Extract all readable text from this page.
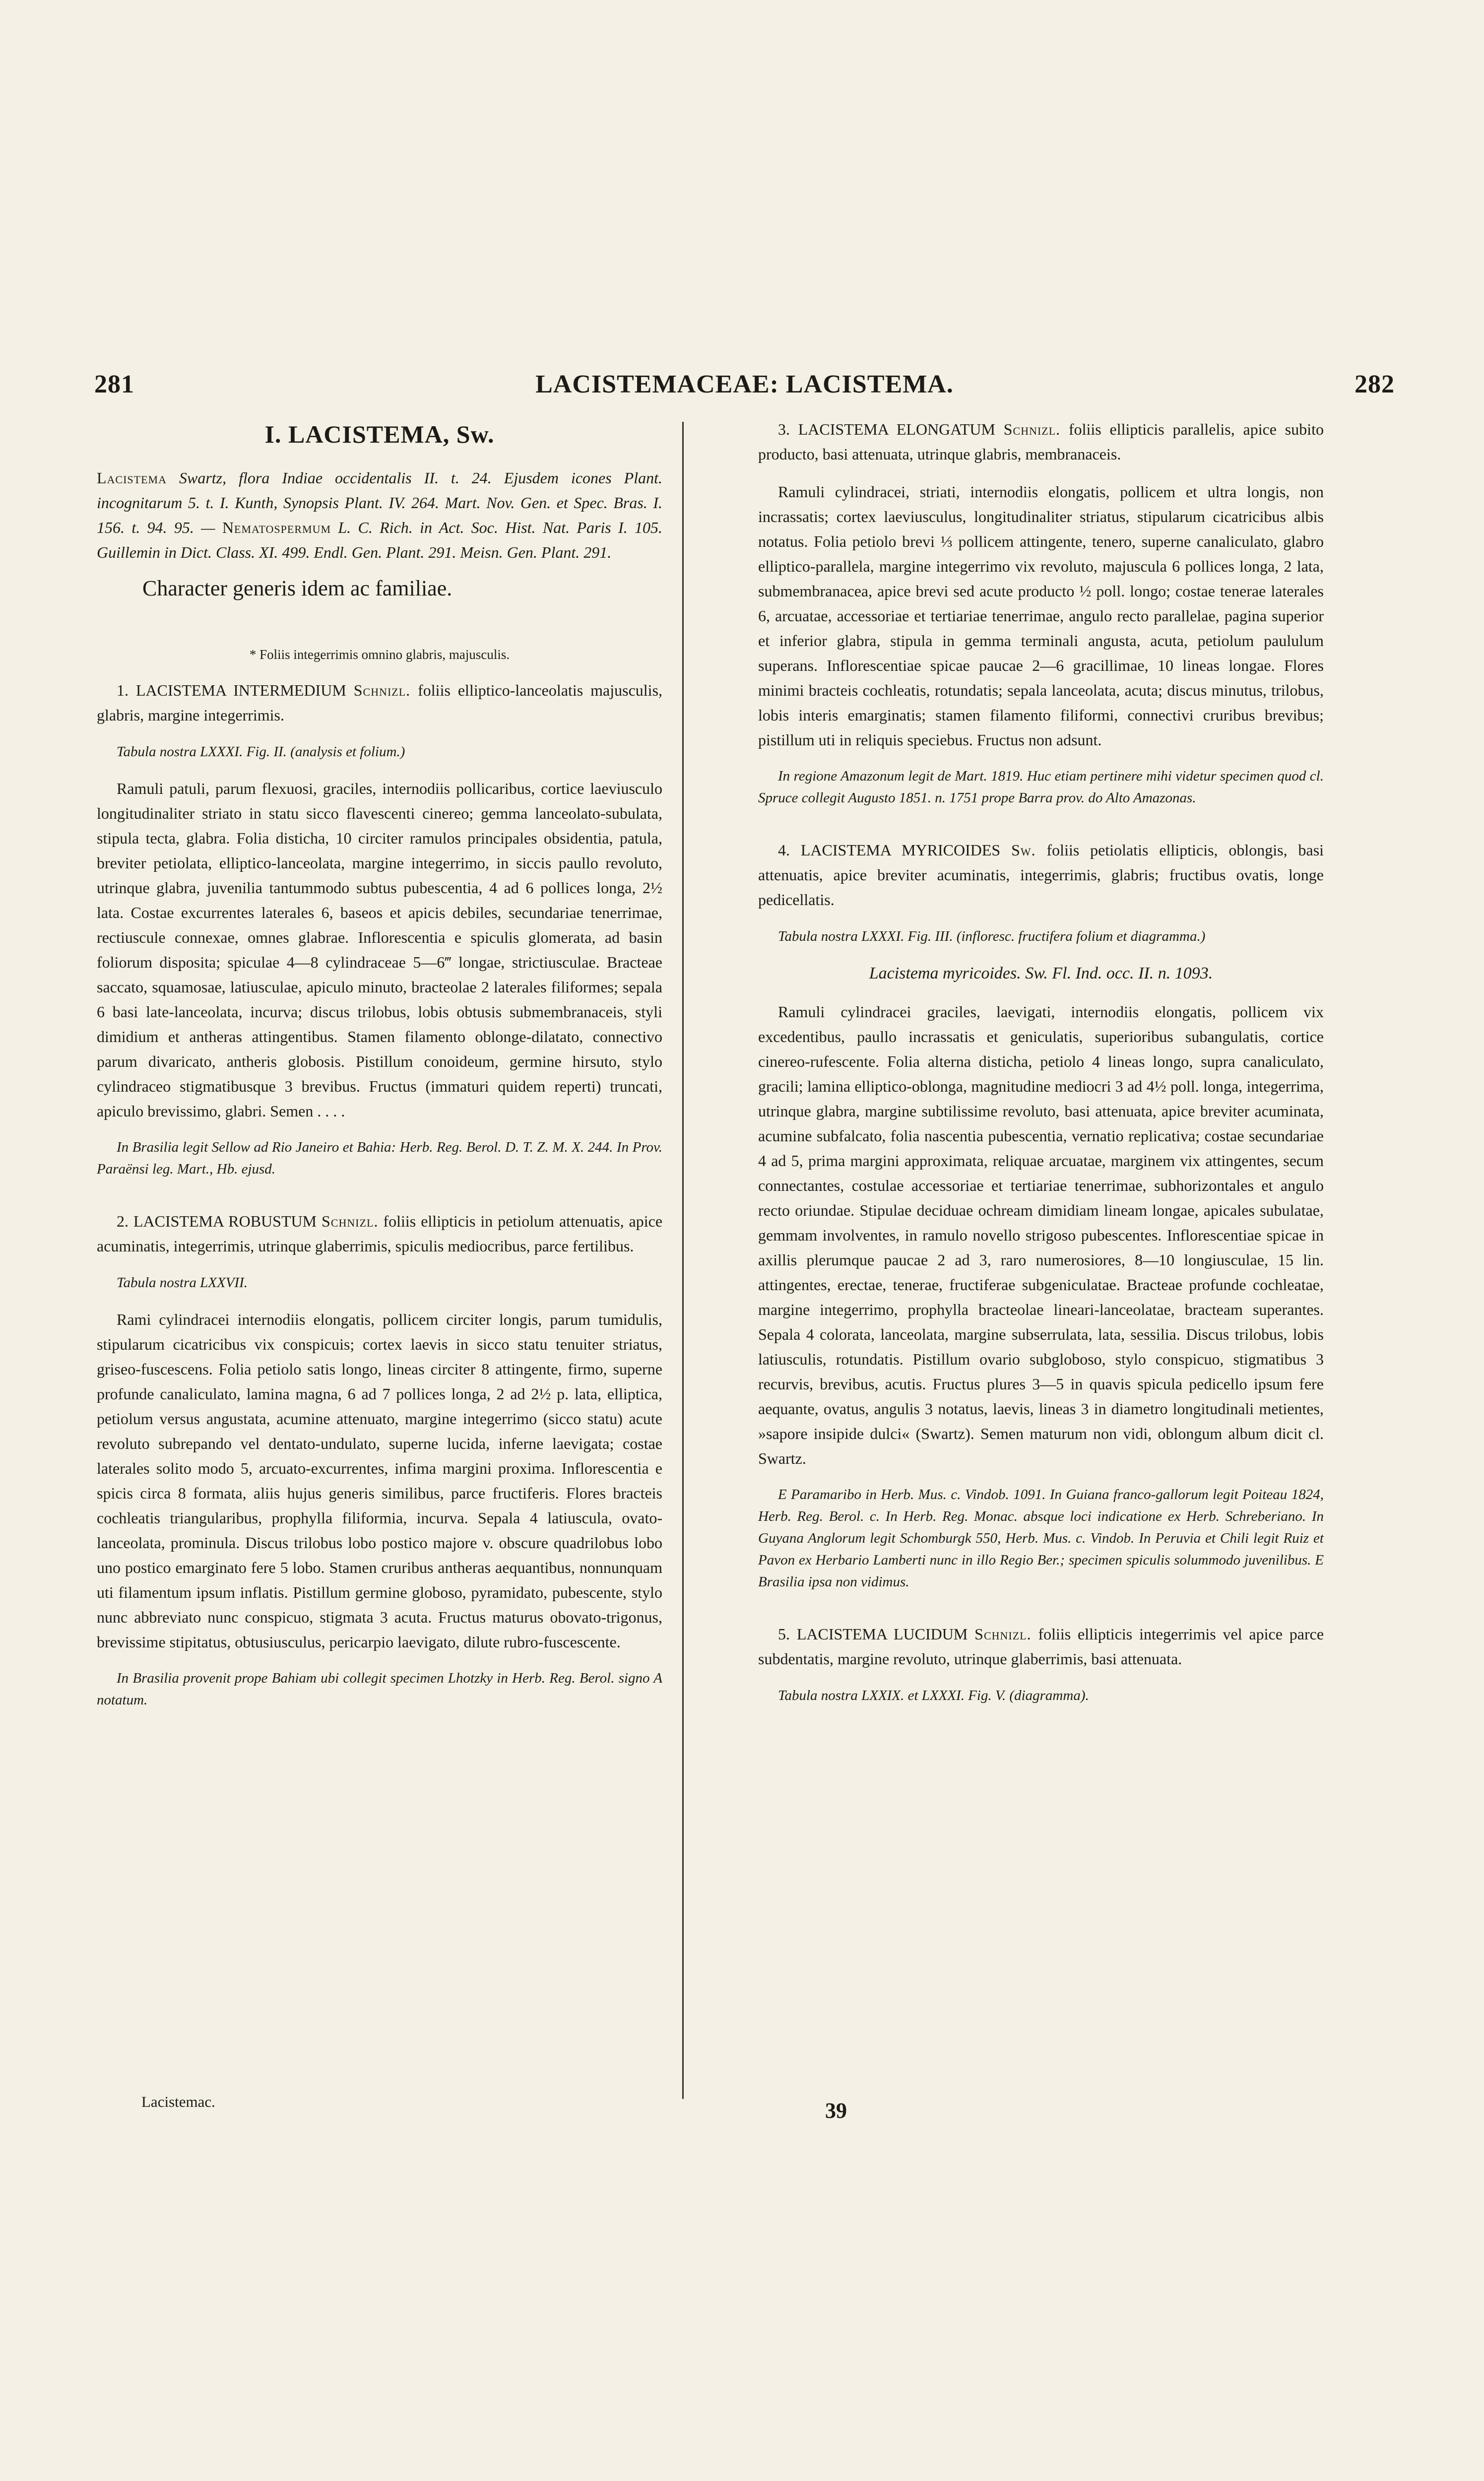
281	LACISTEMACEAE: LACISTEMA.	282
I. LACISTEMA, Sw.

Lacistema Swartz, flora Indiae occidentalis II. t. 24. Ejusdem icones Plant. incognitarum 5. t. I. Kunth, Synopsis Plant. IV. 264. Mart. Nov. Gen. et Spec. Bras. I. 156. t. 94. 95. — Nematospermum L. C. Rich. in Act. Soc. Hist. Nat. Paris I. 105. Guillemin in Dict. Class. XI. 499. Endl. Gen. Plant. 291. Meisn. Gen. Plant. 291.

Character generis idem ac familiae.

* Foliis integerrimis omnino glabris, majusculis.

1. LACISTEMA INTERMEDIUM Schnizl. foliis elliptico-lanceolatis majusculis, glabris, margine integerrimis.

Tabula nostra LXXXI. Fig. II. (analysis et folium.)

Ramuli patuli, parum flexuosi, graciles, internodiis pollicaribus, cortice laeviusculo longitudinaliter striato in statu sicco flavescenti cinereo; gemma lanceolato-subulata, stipula tecta, glabra. Folia disticha, 10 circiter ramulos principales obsidentia, patula, breviter petiolata, elliptico-lanceolata, margine integerrimo, in siccis paullo revoluto, utrinque glabra, juvenilia tantummodo subtus pubescentia, 4 ad 6 pollices longa, 2½ lata. Costae excurrentes laterales 6, baseos et apicis debiles, secundariae tenerrimae, rectiuscule connexae, omnes glabrae. Inflorescentia e spiculis glomerata, ad basin foliorum disposita; spiculae 4—8 cylindraceae 5—6‴ longae, strictiusculae. Bracteae saccato, squamosae, latiusculae, apiculo minuto, bracteolae 2 laterales filiformes; sepala 6 basi late-lanceolata, incurva; discus trilobus, lobis obtusis submembranaceis, styli dimidium et antheras attingentibus. Stamen filamento oblonge-dilatato, connectivo parum divaricato, antheris globosis. Pistillum conoideum, germine hirsuto, stylo cylindraceo stigmatibusque 3 brevibus. Fructus (immaturi quidem reperti) truncati, apiculo brevissimo, glabri. Semen . . . .

In Brasilia legit Sellow ad Rio Janeiro et Bahia: Herb. Reg. Berol. D. T. Z. M. X. 244. In Prov. Paraënsi leg. Mart., Hb. ejusd.

2. LACISTEMA ROBUSTUM Schnizl. foliis ellipticis in petiolum attenuatis, apice acuminatis, integerrimis, utrinque glaberrimis, spiculis mediocribus, parce fertilibus.

Tabula nostra LXXVII.

Rami cylindracei internodiis elongatis, pollicem circiter longis, parum tumidulis, stipularum cicatricibus vix conspicuis; cortex laevis in sicco statu tenuiter striatus, griseo-fuscescens. Folia petiolo satis longo, lineas circiter 8 attingente, firmo, superne profunde canaliculato, lamina magna, 6 ad 7 pollices longa, 2 ad 2½ p. lata, elliptica, petiolum versus angustata, acumine attenuato, margine integerrimo (sicco statu) acute revoluto subrepando vel dentato-undulato, superne lucida, inferne laevigata; costae laterales solito modo 5, arcuato-excurrentes, infima margini proxima. Inflorescentia e spicis circa 8 formata, aliis hujus generis similibus, parce fructiferis. Flores bracteis cochleatis triangularibus, prophylla filiformia, incurva. Sepala 4 latiuscula, ovato-lanceolata, prominula. Discus trilobus lobo postico majore v. obscure quadrilobus lobo uno postico emarginato fere 5 lobo. Stamen cruribus antheras aequantibus, nonnunquam uti filamentum ipsum inflatis. Pistillum germine globoso, pyramidato, pubescente, stylo nunc abbreviato nunc conspicuo, stigmata 3 acuta. Fructus maturus obovato-trigonus, brevissime stipitatus, obtusiusculus, pericarpio laevigato, dilute rubro-fuscescente.

In Brasilia provenit prope Bahiam ubi collegit specimen Lhotzky in Herb. Reg. Berol. signo A notatum.

Lacistemac.	39

3. LACISTEMA ELONGATUM Schnizl. foliis ellipticis parallelis, apice subito producto, basi attenuata, utrinque glabris, membranaceis.

Ramuli cylindracei, striati, internodiis elongatis, pollicem et ultra longis, non incrassatis; cortex laeviusculus, longitudinaliter striatus, stipularum cicatricibus albis notatus. Folia petiolo brevi ⅓ pollicem attingente, tenero, superne canaliculato, glabro elliptico-parallela, margine integerrimo vix revoluto, majuscula 6 pollices longa, 2 lata, submembranacea, apice brevi sed acute producto ½ poll. longo; costae tenerae laterales 6, arcuatae, accessoriae et tertiariae tenerrimae, angulo recto parallelae, pagina superior et inferior glabra, stipula in gemma terminali angusta, acuta, petiolum paululum superans. Inflorescentiae spicae paucae 2—6 gracillimae, 10 lineas longae. Flores minimi bracteis cochleatis, rotundatis; sepala lanceolata, acuta; discus minutus, trilobus, lobis interis emarginatis; stamen filamento filiformi, connectivi cruribus brevibus; pistillum uti in reliquis speciebus. Fructus non adsunt.

In regione Amazonum legit de Mart. 1819. Huc etiam pertinere mihi videtur specimen quod cl. Spruce collegit Augusto 1851. n. 1751 prope Barra prov. do Alto Amazonas.

4. LACISTEMA MYRICOIDES Sw. foliis petiolatis ellipticis, oblongis, basi attenuatis, apice breviter acuminatis, integerrimis, glabris; fructibus ovatis, longe pedicellatis.

Tabula nostra LXXXI. Fig. III. (infloresc. fructifera folium et diagramma.)

Lacistema myricoides. Sw. Fl. Ind. occ. II. n. 1093.

Ramuli cylindracei graciles, laevigati, internodiis elongatis, pollicem vix excedentibus, paullo incrassatis et geniculatis, superioribus subangulatis, cortice cinereo-rufescente. Folia alterna disticha, petiolo 4 lineas longo, supra canaliculato, gracili; lamina elliptico-oblonga, magnitudine mediocri 3 ad 4½ poll. longa, integerrima, utrinque glabra, margine subtilissime revoluto, basi attenuata, apice breviter acuminata, acumine subfalcato, folia nascentia pubescentia, vernatio replicativa; costae secundariae 4 ad 5, prima margini approximata, reliquae arcuatae, marginem vix attingentes, secum connectantes, costulae accessoriae et tertiariae tenerrimae, subhorizontales et angulo recto oriundae. Stipulae deciduae ochream dimidiam lineam longae, apicales subulatae, gemmam involventes, in ramulo novello strigoso pubescentes. Inflorescentiae spicae in axillis plerumque paucae 2 ad 3, raro numerosiores, 8—10 longiusculae, 15 lin. attingentes, erectae, tenerae, fructiferae subgeniculatae. Bracteae profunde cochleatae, margine integerrimo, prophylla bracteolae lineari-lanceolatae, bracteam superantes. Sepala 4 colorata, lanceolata, margine subserrulata, lata, sessilia. Discus trilobus, lobis latiusculis, rotundatis. Pistillum ovario subgloboso, stylo conspicuo, stigmatibus 3 recurvis, brevibus, acutis. Fructus plures 3—5 in quavis spicula pedicello ipsum fere aequante, ovatus, angulis 3 notatus, laevis, lineas 3 in diametro longitudinali metientes, »sapore insipide dulci« (Swartz). Semen maturum non vidi, oblongum album dicit cl. Swartz.

E Paramaribo in Herb. Mus. c. Vindob. 1091. In Guiana franco-gallorum legit Poiteau 1824, Herb. Reg. Berol. c. In Herb. Reg. Monac. absque loci indicatione ex Herb. Schreberiano. In Guyana Anglorum legit Schomburgk 550, Herb. Mus. c. Vindob. In Peruvia et Chili legit Ruiz et Pavon ex Herbario Lamberti nunc in illo Regio Ber.; specimen spiculis solummodo juvenilibus. E Brasilia ipsa non vidimus.

5. LACISTEMA LUCIDUM Schnizl. foliis ellipticis integerrimis vel apice parce subdentatis, margine revoluto, utrinque glaberrimis, basi attenuata.

Tabula nostra LXXIX. et LXXXI. Fig. V. (diagramma).
